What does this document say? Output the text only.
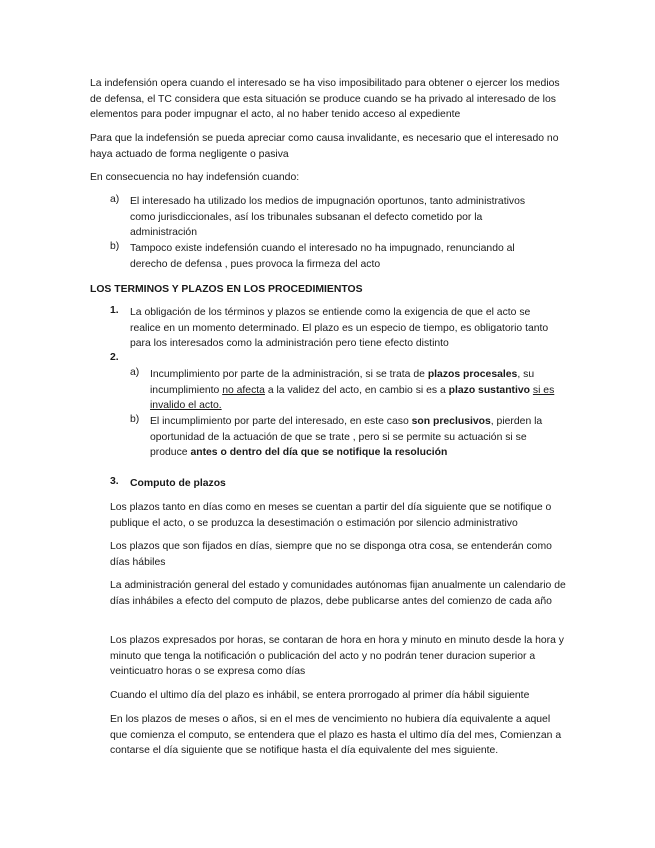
La indefensión opera cuando el interesado se ha viso imposibilitado para obtener o ejercer los medios de defensa, el TC considera que esta situación se produce cuando se ha privado al interesado de los elementos para poder impugnar el acto, al no haber tenido acceso al expediente
Para que la indefensión se pueda apreciar como causa invalidante, es necesario que el interesado no haya actuado de forma negligente o pasiva
En consecuencia no hay indefensión cuando:
a) El interesado ha utilizado los medios de impugnación oportunos, tanto administrativos como jurisdiccionales, así los tribunales subsanan el defecto cometido por la administración
b) Tampoco existe indefensión cuando el interesado no ha impugnado, renunciando al derecho de defensa , pues provoca la firmeza del acto
LOS TERMINOS Y PLAZOS EN LOS PROCEDIMIENTOS
1. La obligación de los términos y plazos se entiende como la exigencia de que el acto se realice en un momento determinado. El plazo es un especio de tiempo, es obligatorio tanto para los interesados como la administración pero tiene efecto distinto
2.
a) Incumplimiento por parte de la administración, si se trata de plazos procesales, su incumplimiento no afecta a la validez del acto, en cambio si es a plazo sustantivo si es invalido el acto.
b) El incumplimiento por parte del interesado, en este caso son preclusivos, pierden la oportunidad de la actuación de que se trate , pero si se permite su actuación si se produce antes o dentro del día que se notifique la resolución
3. Computo de plazos
Los plazos tanto en días como en meses se cuentan a partir del día siguiente que se notifique o publique el acto, o se produzca la desestimación o estimación por silencio administrativo
Los plazos que son fijados en días, siempre que no se disponga otra cosa, se entenderán como días hábiles
La administración general del estado y comunidades autónomas fijan anualmente un calendario de días inhábiles a efecto del computo de plazos, debe publicarse antes del comienzo de cada año
Los plazos expresados por horas, se contaran de hora en hora y minuto en minuto desde la hora y minuto que tenga la notificación o publicación del acto y no podrán tener duracion superior a veinticuatro horas o se expresa como días
Cuando el ultimo día del plazo es inhábil, se entera prorrogado al primer día hábil siguiente
En los plazos de meses o años, si en el mes de vencimiento no hubiera día equivalente a aquel que comienza el computo, se entendera que el plazo es hasta el ultimo día del mes, Comienzan a contarse el día siguiente que se notifique hasta el día equivalente del mes siguiente.
